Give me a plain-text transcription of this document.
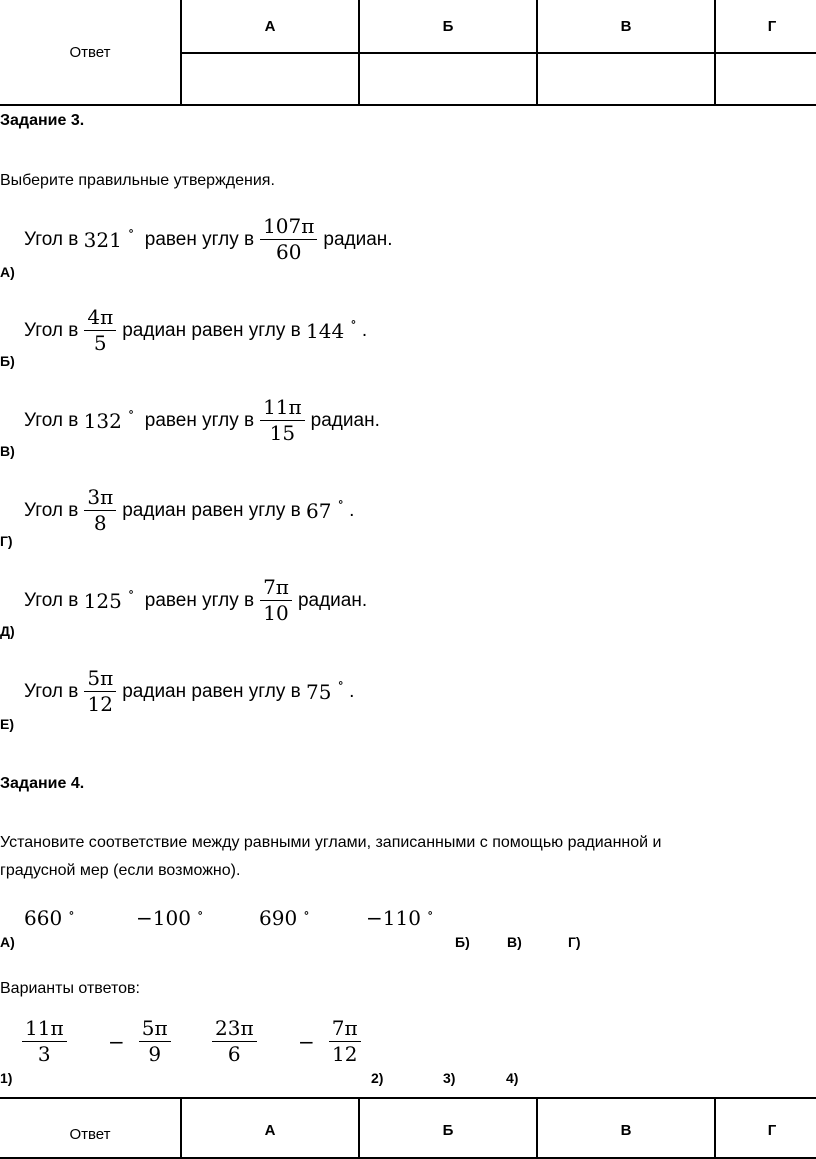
Ответ	А	Б	В	Г

Задание 3.
Выберите правильные утверждения.
А)
Угол в
321 ∘
равен углу в $\frac{107\pi}{60}$ радиан.
Б)
Угол в $\frac{4\pi}{5}$ радиан равен углу в
144 ∘
.
В)
Угол в
132 ∘
равен углу в $\frac{11\pi}{15}$ радиан.
Г)
Угол в $\frac{3\pi}{8}$ радиан равен углу в
67 ∘
.
Д)
Угол в
125 ∘
равен углу в $\frac{7\pi}{10}$ радиан.
Е)
Угол в $\frac{5\pi}{12}$ радиан равен углу в
75 ∘
.
Задание 4.
Установите соответствие между равными углами, записанными с помощью радианной и
градусной мер (если возможно).
660 ∘	−100 ∘	690 ∘	−110 ∘
А)	Б)	В)	Г)
Варианты ответов:
$\frac{11\pi}{3} - \frac{5\pi}{9} \frac{23\pi}{6} - \frac{7\pi}{12}$
1)	2)	3)	4)
Ответ	А	Б	В	Г
